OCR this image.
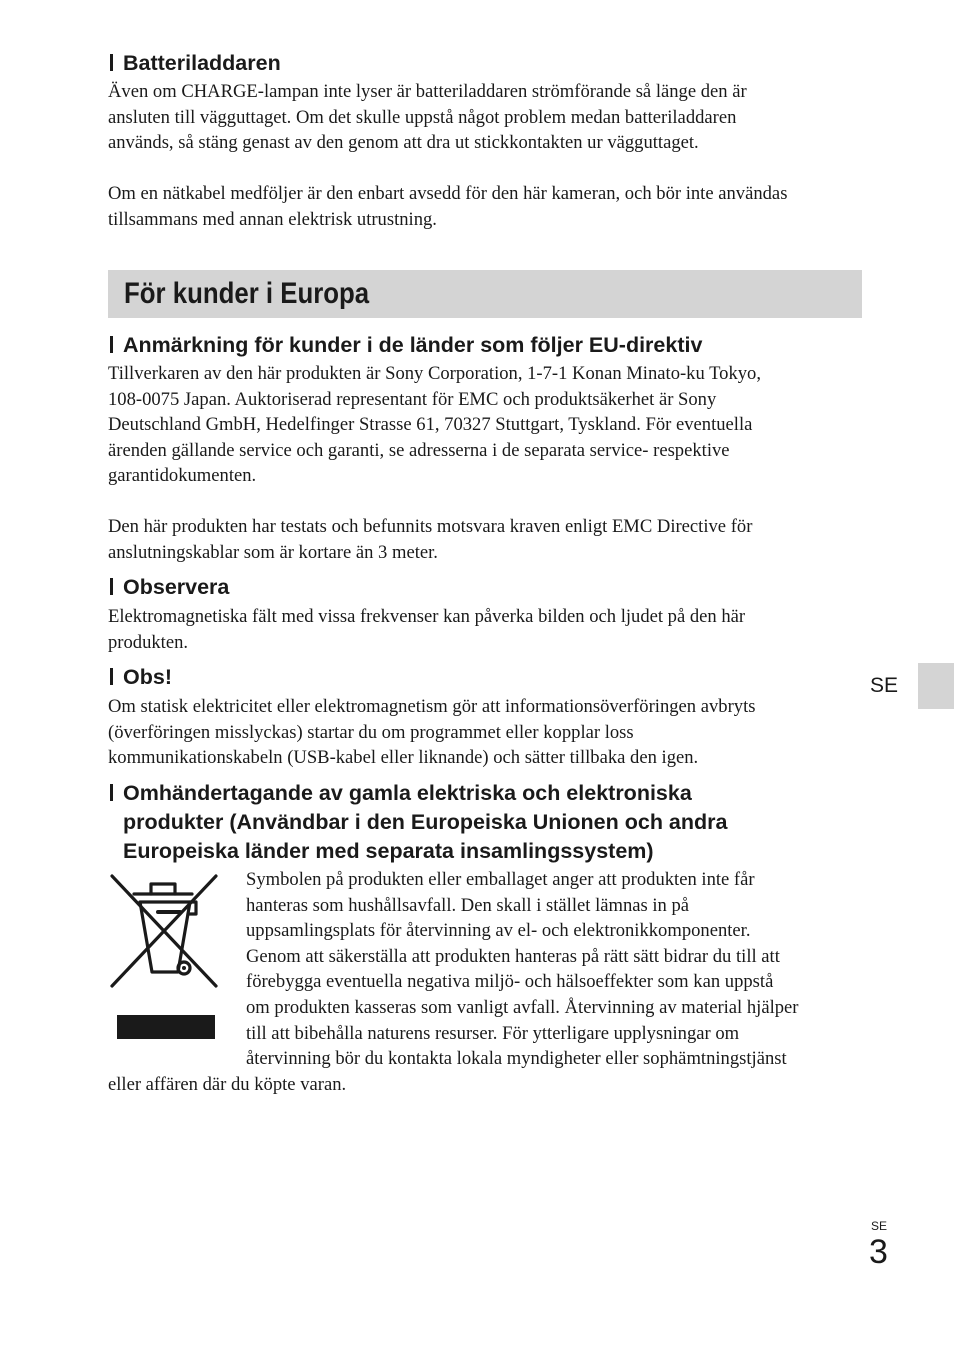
Batteriladdaren

Även om CHARGE-lampan inte lyser är batteriladdaren strömförande så länge den är
ansluten till vägguttaget. Om det skulle uppstå något problem medan batteriladdaren
används, så stäng genast av den genom att dra ut stickkontakten ur vägguttaget.

Om en nätkabel medföljer är den enbart avsedd för den här kameran, och bör inte användas
tillsammans med annan elektrisk utrustning.

För kunder i Europa
Anmärkning för kunder i de länder som följer EU-direktiv

Tillverkaren av den här produkten är Sony Corporation, 1-7-1 Konan Minato-ku Tokyo,
108-0075 Japan. Auktoriserad representant för EMC och produktsäkerhet är Sony
Deutschland GmbH, Hedelfinger Strasse 61, 70327 Stuttgart, Tyskland. För eventuella
ärenden gällande service och garanti, se adresserna i de separata service- respektive
garantidokumenten.

Den här produkten har testats och befunnits motsvara kraven enligt EMC Directive för
anslutningskablar som är kortare än 3 meter.

Observera

Elektromagnetiska fält med vissa frekvenser kan påverka bilden och ljudet på den här
produkten.

Obs!

Om statisk elektricitet eller elektromagnetism gör att informationsöverföringen avbryts
(överföringen misslyckas) startar du om programmet eller kopplar loss
kommunikationskabeln (USB-kabel eller liknande) och sätter tillbaka den igen.

Omhändertagande av gamla elektriska och elektroniska
produkter (Användbar i den Europeiska Unionen och andra
Europeiska länder med separata insamlingssystem)

Symbolen på produkten eller emballaget anger att produkten inte får
hanteras som hushållsavfall. Den skall i stället lämnas in på
uppsamlingsplats för återvinning av el- och elektronikkomponenter.
Genom att säkerställa att produkten hanteras på rätt sätt bidrar du till att
förebygga eventuella negativa miljö- och hälsoeffekter som kan uppstå
om produkten kasseras som vanligt avfall. Återvinning av material hjälper
till att bibehålla naturens resurser. För ytterligare upplysningar om
återvinning bör du kontakta lokala myndigheter eller sophämtningstjänst

eller affären där du köpte varan.

SE
SE
3
